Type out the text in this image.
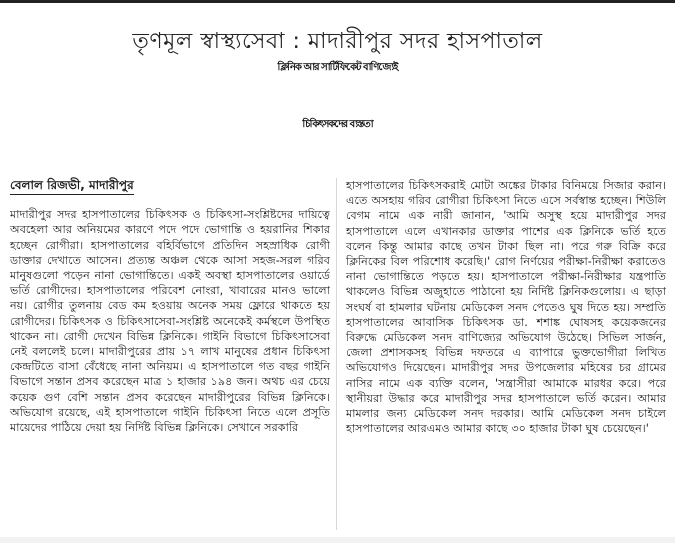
তৃণমূল স্বাস্থ্যসেবা : মাদারীপুর সদর হাসপাতাল
ক্লিনিক আর সার্টিফিকেট বাণিজ্যেই
চিকিৎসকদের ব্যস্ততা
বেলাল রিজভী, মাদারীপুর

মাদারীপুর সদর হাসপাতালের চিকিৎসক ও চিকিৎসা-সংশ্লিষ্টদের দায়িত্বে অবহেলা আর অনিয়মের কারণে পদে পদে ভোগান্তি ও হয়রানির শিকার হচ্ছেন রোগীরা। হাসপাতালের বহির্বিভাগে প্রতিদিন সহস্রাধিক রোগী ডাক্তার দেখাতে আসেন। প্রত্যন্ত অঞ্চল থেকে আসা সহজ-সরল গরিব মানুষগুলো পড়েন নানা ভোগান্তিতে। একই অবস্থা হাসপাতালের ওয়ার্ডে ভর্তি রোগীদের। হাসপাতালের পরিবেশ নোংরা, খাবারের মানও ভালো নয়। রোগীর তুলনায় বেড কম হওয়ায় অনেক সময় ফ্লোরে থাকতে হয় রোগীদের। চিকিৎসক ও চিকিৎসাসেবা-সংশ্লিষ্ট অনেকেই কর্মস্থলে উপস্থিত থাকেন না। রোগী দেখেন বিভিন্ন ক্লিনিকে। গাইনি বিভাগে চিকিৎসাসেবা নেই বললেই চলে। মাদারীপুরের প্রায় ১৭ লাখ মানুষের প্রধান চিকিৎসা কেন্দ্রটিতে বাসা বেঁধেছে নানা অনিয়ম। এ হাসপাতালে গত বছর গাইনি বিভাগে সন্তান প্রসব করেছেন মাত্র ১ হাজার ১৯৪ জন। অথচ এর চেয়ে কয়েক গুণ বেশি সন্তান প্রসব করেছেন মাদারীপুরের বিভিন্ন ক্লিনিকে। অভিযোগ রয়েছে, এই হাসপাতালে গাইনি চিকিৎসা নিতে এলে প্রসূতি মায়েদের পাঠিয়ে দেয়া হয় নির্দিষ্ট বিভিন্ন ক্লিনিকে। সেখানে সরকারি

হাসপাতালের চিকিৎসকরাই মোটা অঙ্কের টাকার বিনিময়ে সিজার করান। এতে অসহায় গরিব রোগীরা চিকিৎসা নিতে এসে সর্বস্বান্ত হচ্ছেন। শিউলি বেগম নামে এক নারী জানান, 'আমি অসুস্থ হয়ে মাদারীপুর সদর হাসপাতালে এলে এখানকার ডাক্তার পাশের এক ক্লিনিকে ভর্তি হতে বলেন কিন্তু আমার কাছে তখন টাকা ছিল না। পরে গরু বিক্রি করে ক্লিনিকের বিল পরিশোধ করেছি।' রোগ নির্ণয়ের পরীক্ষা-নিরীক্ষা করাতেও নানা ভোগান্তিতে পড়তে হয়। হাসপাতালে পরীক্ষা-নিরীক্ষার যন্ত্রপাতি থাকলেও বিভিন্ন অজুহাতে পাঠানো হয় নির্দিষ্ট ক্লিনিকগুলোয়। এ ছাড়া সংঘর্ষ বা হামলার ঘটনায় মেডিকেল সনদ পেতেও ঘুষ দিতে হয়। সম্প্রতি হাসপাতালের আবাসিক চিকিৎসক ডা. শশাঙ্ক ঘোষসহ কয়েকজনের বিরুদ্ধে মেডিকেল সনদ বাণিজ্যের অভিযোগ উঠেছে। সিভিল সার্জন, জেলা প্রশাসকসহ বিভিন্ন দফতরে এ ব্যাপারে ভুক্তভোগীরা লিখিত অভিযোগও দিয়েছেন। মাদারীপুর সদর উপজেলার মহিষের চর গ্রামের নাসির নামে এক ব্যক্তি বলেন, 'সন্ত্রাসীরা আমাকে মারধর করে। পরে স্থানীয়রা উদ্ধার করে মাদারীপুর সদর হাসপাতালে ভর্তি করেন। আমার মামলার জন্য মেডিকেল সনদ দরকার। আমি মেডিকেল সনদ চাইলে হাসপাতালের আরএমও আমার কাছে ৩০ হাজার টাকা ঘুষ চেয়েছেন।'
